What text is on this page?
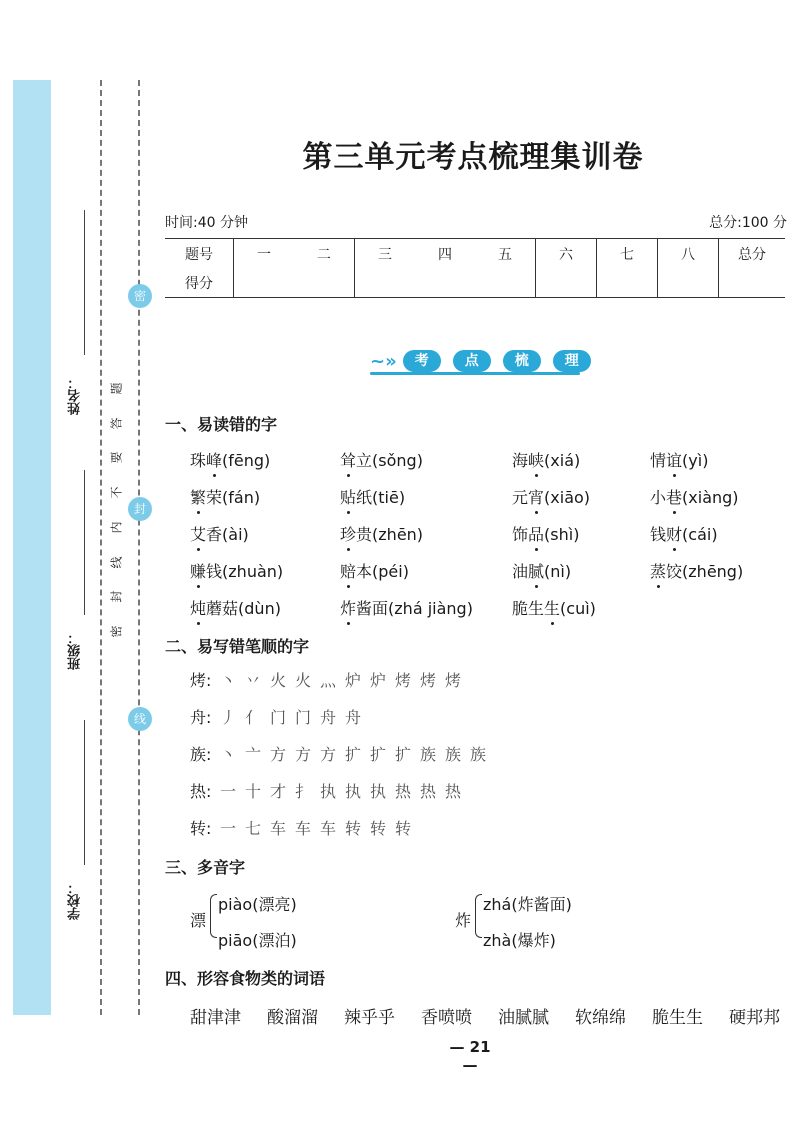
姓名：
班级：
学校：
密
封
线
密
封
线
内
不
要
答
题
第三单元考点梳理集训卷
时间:40 分钟	总分:100 分
题号	一	二	三	四	五	六	七	八	总分
得分									
~»	考	点	梳	理
一、易读错的字
珠峰(fēng)	耸立(sǒng)	海峡(xiá)	情谊(yì)
繁荣(fán)	贴纸(tiē)	元宵(xiāo)	小巷(xiàng)
艾香(ài)	珍贵(zhēn)	饰品(shì)	钱财(cái)
赚钱(zhuàn)	赔本(péi)	油腻(nì)	蒸饺(zhēng)
炖蘑菇(dùn)	炸酱面(zhá jiàng) 脆生生(cuì)
二、易写错笔顺的字
烤: 丶 丷 火 火 灬 炉 炉 烤 烤 烤
舟: 丿 亻 门 门 舟 舟
族: 丶 亠 方 方 方 扩 扩 扩 族 族 族
热: 一 十 才 扌 执 执 执 热 热 热
转: 一 七 车 车 车 转 转 转
三、多音字
漂
piào(漂亮)
piāo(漂泊)
炸
zhá(炸酱面)
zhà(爆炸)
四、形容食物类的词语
甜津津 酸溜溜 辣乎乎 香喷喷 油腻腻 软绵绵 脆生生 硬邦邦
— 21 —
